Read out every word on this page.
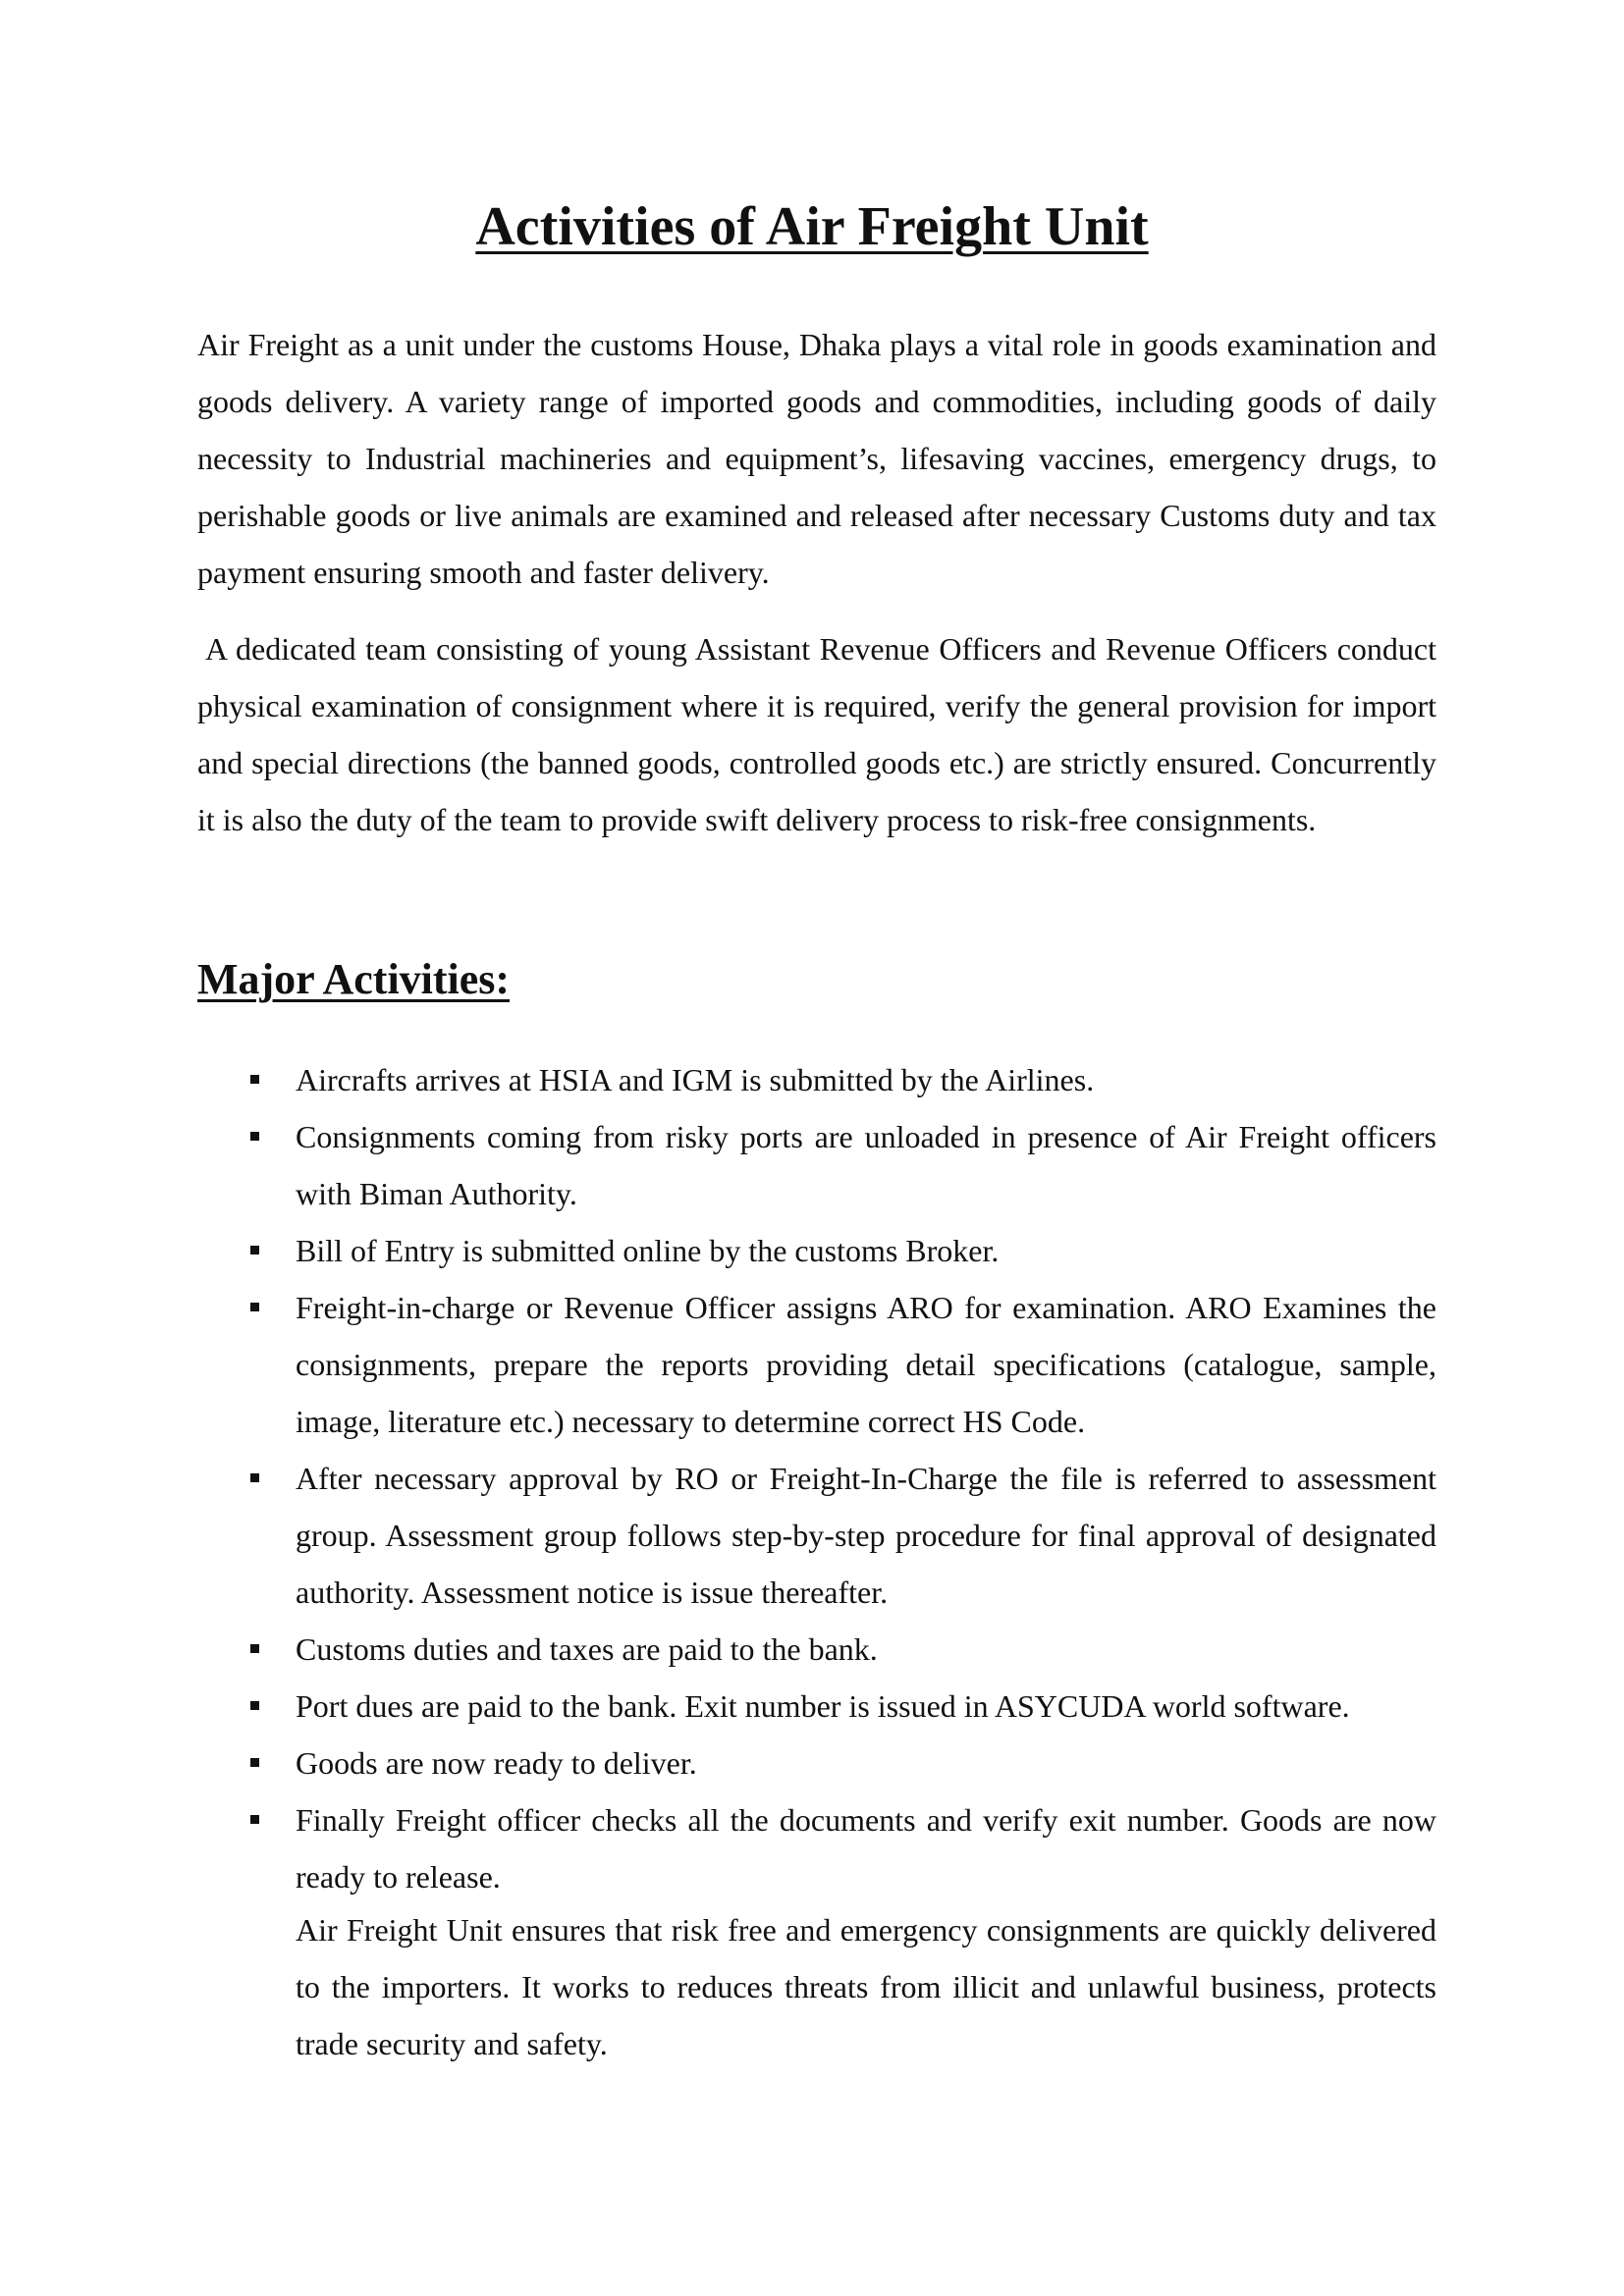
Activities of Air Freight Unit

Air Freight as a unit under the customs House, Dhaka plays a vital role in goods examination and goods delivery. A variety range of imported goods and commodities, including goods of daily necessity to Industrial machineries and equipment’s, lifesaving vaccines, emergency drugs, to perishable goods or live animals are examined and released after necessary Customs duty and tax payment ensuring smooth and faster delivery.

A dedicated team consisting of young Assistant Revenue Officers and Revenue Officers conduct physical examination of consignment where it is required, verify the general provision for import and special directions (the banned goods, controlled goods etc.) are strictly ensured. Concurrently it is also the duty of the team to provide swift delivery process to risk-free consignments.

Major Activities:
Aircrafts arrives at HSIA and IGM is submitted by the Airlines.
Consignments coming from risky ports are unloaded in presence of Air Freight officers with Biman Authority.
Bill of Entry is submitted online by the customs Broker.
Freight-in-charge or Revenue Officer assigns ARO for examination. ARO Examines the consignments, prepare the reports providing detail specifications (catalogue, sample, image, literature etc.) necessary to determine correct HS Code.
After necessary approval by RO or Freight-In-Charge the file is referred to assessment group. Assessment group follows step-by-step procedure for final approval of designated authority. Assessment notice is issue thereafter.
Customs duties and taxes are paid to the bank.
Port dues are paid to the bank. Exit number is issued in ASYCUDA world software.
Goods are now ready to deliver.
Finally Freight officer checks all the documents and verify exit number. Goods are now ready to release.

Air Freight Unit ensures that risk free and emergency consignments are quickly delivered to the importers. It works to reduces threats from illicit and unlawful business, protects trade security and safety.
